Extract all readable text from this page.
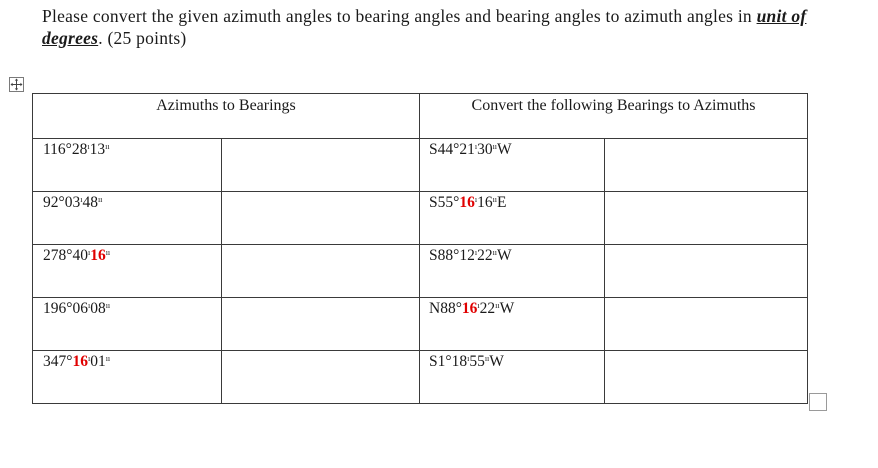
Please convert the given azimuth angles to bearing angles and bearing angles to azimuth angles in unit of degrees. (25 points)
Azimuths to Bearings		Convert the following Bearings to Azimuths	
$116^\circ 28^ı13^{ıı}$		$S44^\circ 21^ı30^{ıı}W$	
$92^\circ 03^ı48^{ıı}$		$S55^\circ 16^ı16^{ıı}E$	
$278^\circ 40^ı16^{ıı}$		$S88^\circ 12^ı22^{ıı}W$	
$196^\circ 06^ı08^{ıı}$		$N88^\circ 16^ı22^{ıı}W$	
$347^\circ 16^ı01^{ıı}$		$S1^\circ 18^ı55^{ıı}W$	
